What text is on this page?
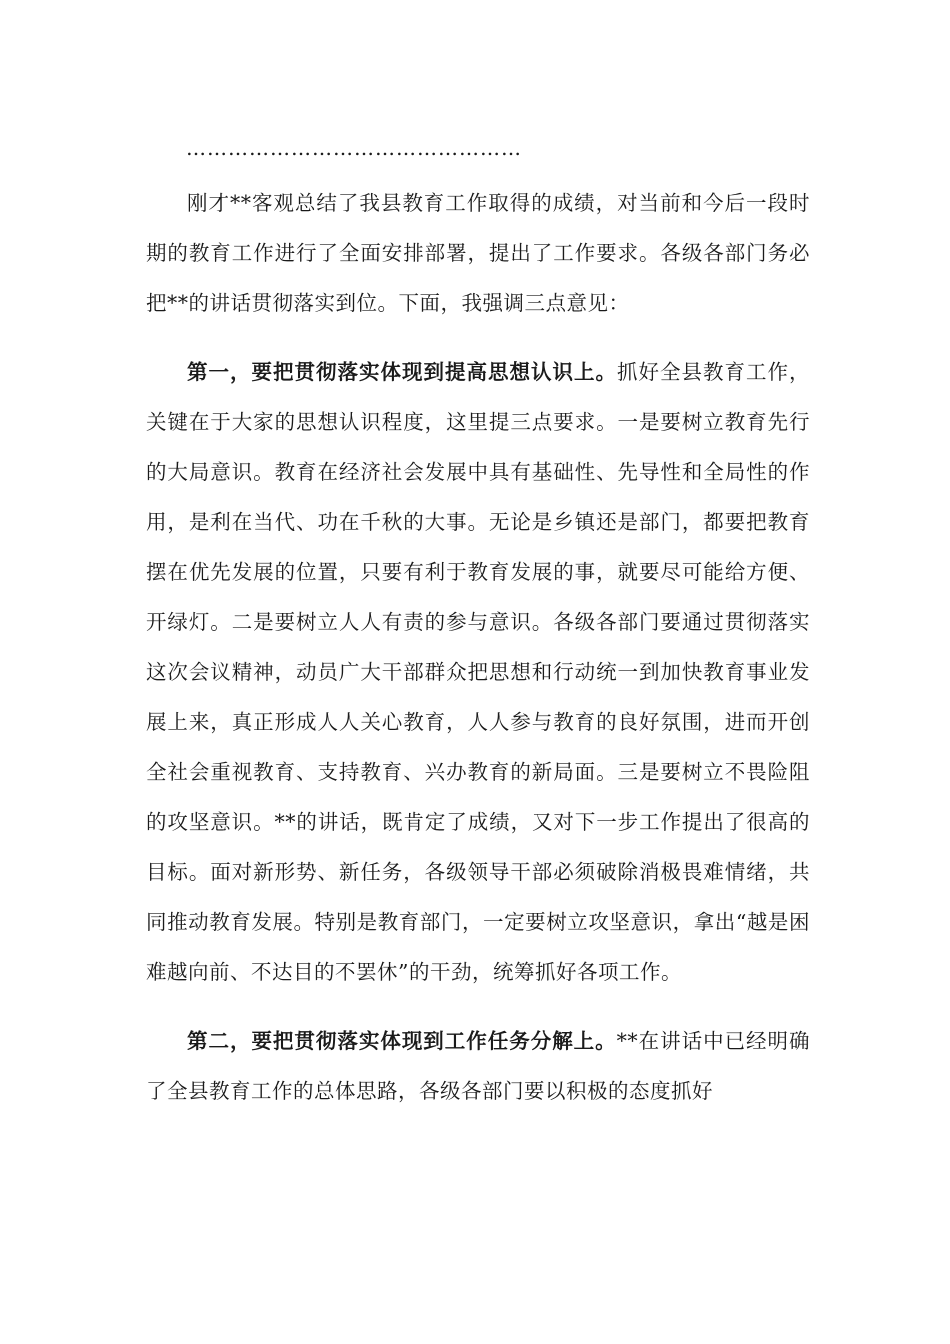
…………………………………………

刚才**客观总结了我县教育工作取得的成绩，对当前和今后一段时期的教育工作进行了全面安排部署，提出了工作要求。各级各部门务必把**的讲话贯彻落实到位。下面，我强调三点意见：

第一，要把贯彻落实体现到提高思想认识上。抓好全县教育工作，关键在于大家的思想认识程度，这里提三点要求。一是要树立教育先行的大局意识。教育在经济社会发展中具有基础性、先导性和全局性的作用，是利在当代、功在千秋的大事。无论是乡镇还是部门，都要把教育摆在优先发展的位置，只要有利于教育发展的事，就要尽可能给方便、开绿灯。二是要树立人人有责的参与意识。各级各部门要通过贯彻落实这次会议精神，动员广大干部群众把思想和行动统一到加快教育事业发展上来，真正形成人人关心教育，人人参与教育的良好氛围，进而开创全社会重视教育、支持教育、兴办教育的新局面。三是要树立不畏险阻的攻坚意识。**的讲话，既肯定了成绩，又对下一步工作提出了很高的目标。面对新形势、新任务，各级领导干部必须破除消极畏难情绪，共同推动教育发展。特别是教育部门，一定要树立攻坚意识，拿出“越是困难越向前、不达目的不罢休”的干劲，统筹抓好各项工作。

第二，要把贯彻落实体现到工作任务分解上。**在讲话中已经明确了全县教育工作的总体思路，各级各部门要以积极的态度抓好
